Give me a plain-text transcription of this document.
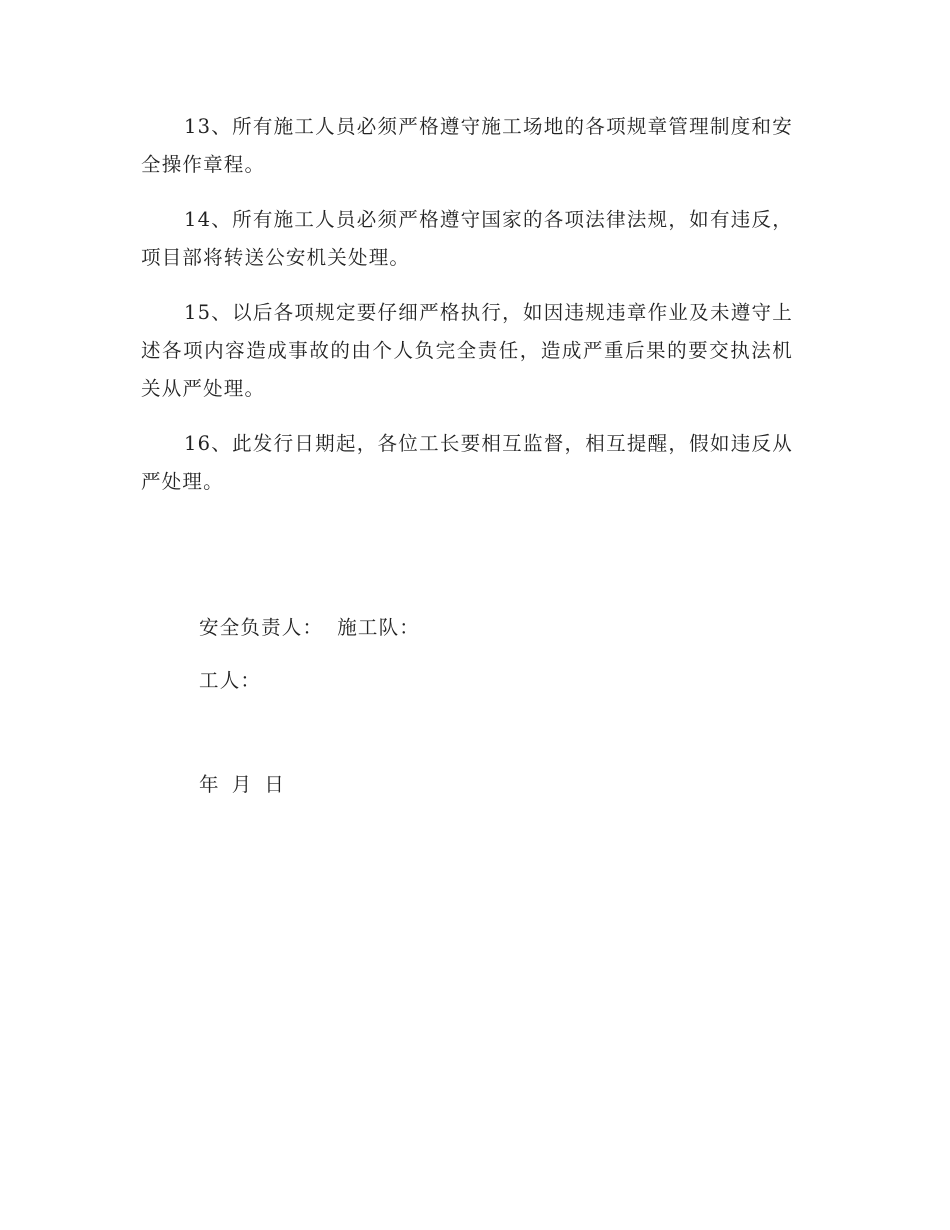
13、所有施工人员必须严格遵守施工场地的各项规章管理制度和安全操作章程。

14、所有施工人员必须严格遵守国家的各项法律法规，如有违反，项目部将转送公安机关处理。

15、以后各项规定要仔细严格执行，如因违规违章作业及未遵守上述各项内容造成事故的由个人负完全责任，造成严重后果的要交执法机关从严处理。

16、此发行日期起，各位工长要相互监督，相互提醒，假如违反从严处理。

安全负责人： 施工队：
工人：
年 月 日
